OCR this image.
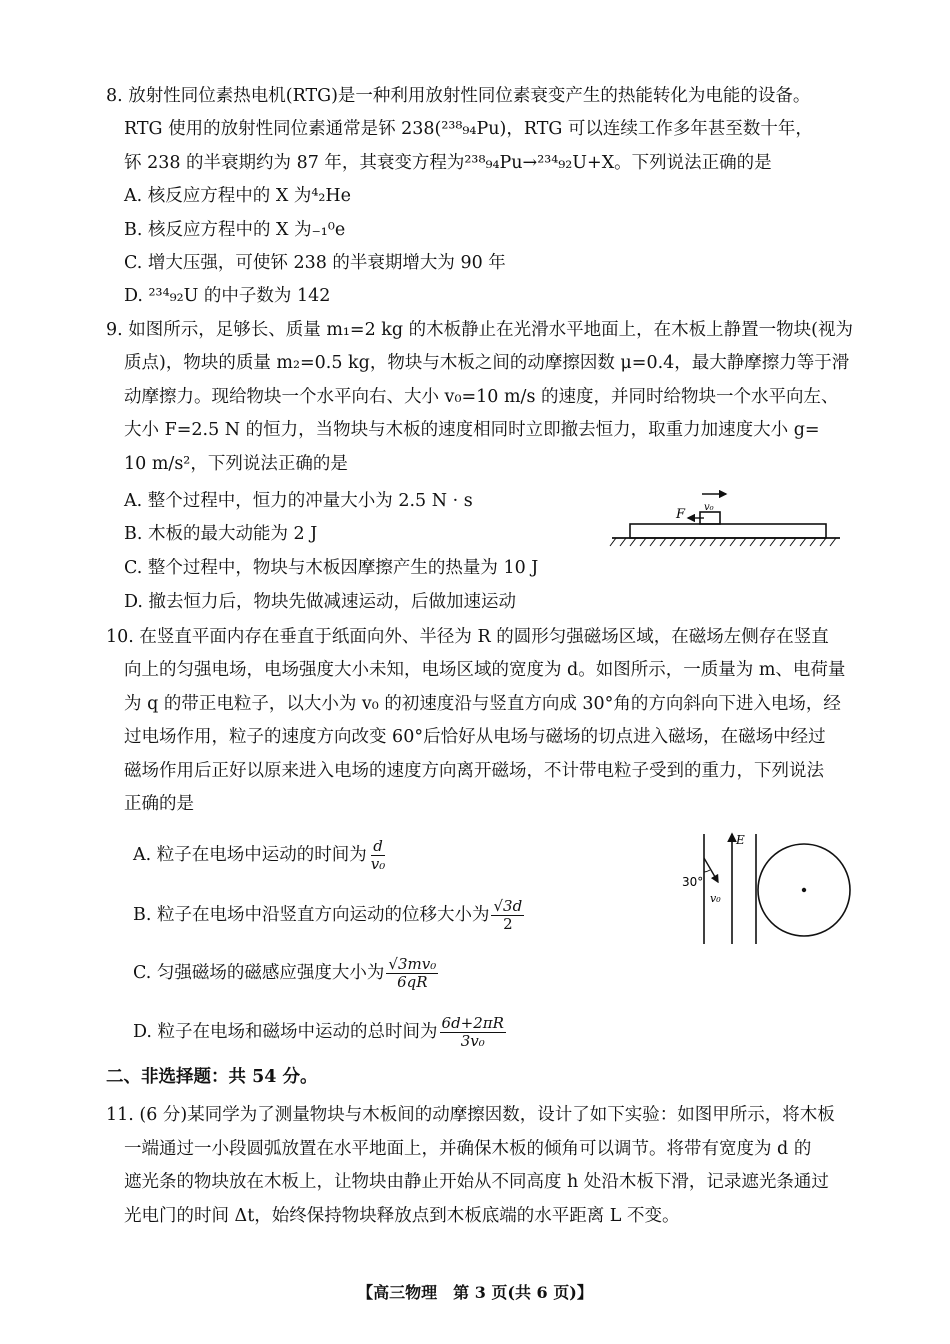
8. 放射性同位素热电机(RTG)是一种利用放射性同位素衰变产生的热能转化为电能的设备。
RTG 使用的放射性同位素通常是钚 238(²³⁸₉₄Pu)，RTG 可以连续工作多年甚至数十年，
钚 238 的半衰期约为 87 年，其衰变方程为²³⁸₉₄Pu→²³⁴₉₂U+X。下列说法正确的是
A. 核反应方程中的 X 为⁴₂He
B. 核反应方程中的 X 为₋₁⁰e
C. 增大压强，可使钚 238 的半衰期增大为 90 年
D. ²³⁴₉₂U 的中子数为 142
9. 如图所示，足够长、质量 m₁=2 kg 的木板静止在光滑水平地面上，在木板上静置一物块(视为
质点)，物块的质量 m₂=0.5 kg，物块与木板之间的动摩擦因数 μ=0.4，最大静摩擦力等于滑
动摩擦力。现给物块一个水平向右、大小 v₀=10 m/s 的速度，并同时给物块一个水平向左、
大小 F=2.5 N 的恒力，当物块与木板的速度相同时立即撤去恒力，取重力加速度大小 g=
10 m/s²，下列说法正确的是
A. 整个过程中，恒力的冲量大小为 2.5 N · s
B. 木板的最大动能为 2 J
C. 整个过程中，物块与木板因摩擦产生的热量为 10 J
D. 撤去恒力后，物块先做减速运动，后做加速运动
F v₀
10. 在竖直平面内存在垂直于纸面向外、半径为 R 的圆形匀强磁场区域，在磁场左侧存在竖直
向上的匀强电场，电场强度大小未知，电场区域的宽度为 d。如图所示，一质量为 m、电荷量
为 q 的带正电粒子，以大小为 v₀ 的初速度沿与竖直方向成 30°角的方向斜向下进入电场，经
过电场作用，粒子的速度方向改变 60°后恰好从电场与磁场的切点进入磁场，在磁场中经过
磁场作用后正好以原来进入电场的速度方向离开磁场，不计带电粒子受到的重力，下列说法
正确的是
A. 粒子在电场中运动的时间为 $\frac{d}{\text{v₀}}$
B. 粒子在电场中沿竖直方向运动的位移大小为 $\frac{√3d}{2}$
C. 匀强磁场的磁感应强度大小为 $\frac{\text{√3mv₀}}{6qR}$
D. 粒子在电场和磁场中运动的总时间为 $\frac{6d+2\pi R}{\text{3v₀}}$
E
30°
v₀
二、非选择题：共 54 分。
11. (6 分)某同学为了测量物块与木板间的动摩擦因数，设计了如下实验：如图甲所示，将木板
一端通过一小段圆弧放置在水平地面上，并确保木板的倾角可以调节。将带有宽度为 d 的
遮光条的物块放在木板上，让物块由静止开始从不同高度 h 处沿木板下滑，记录遮光条通过
光电门的时间 Δt，始终保持物块释放点到木板底端的水平距离 L 不变。
【高三物理　第 3 页(共 6 页)】
